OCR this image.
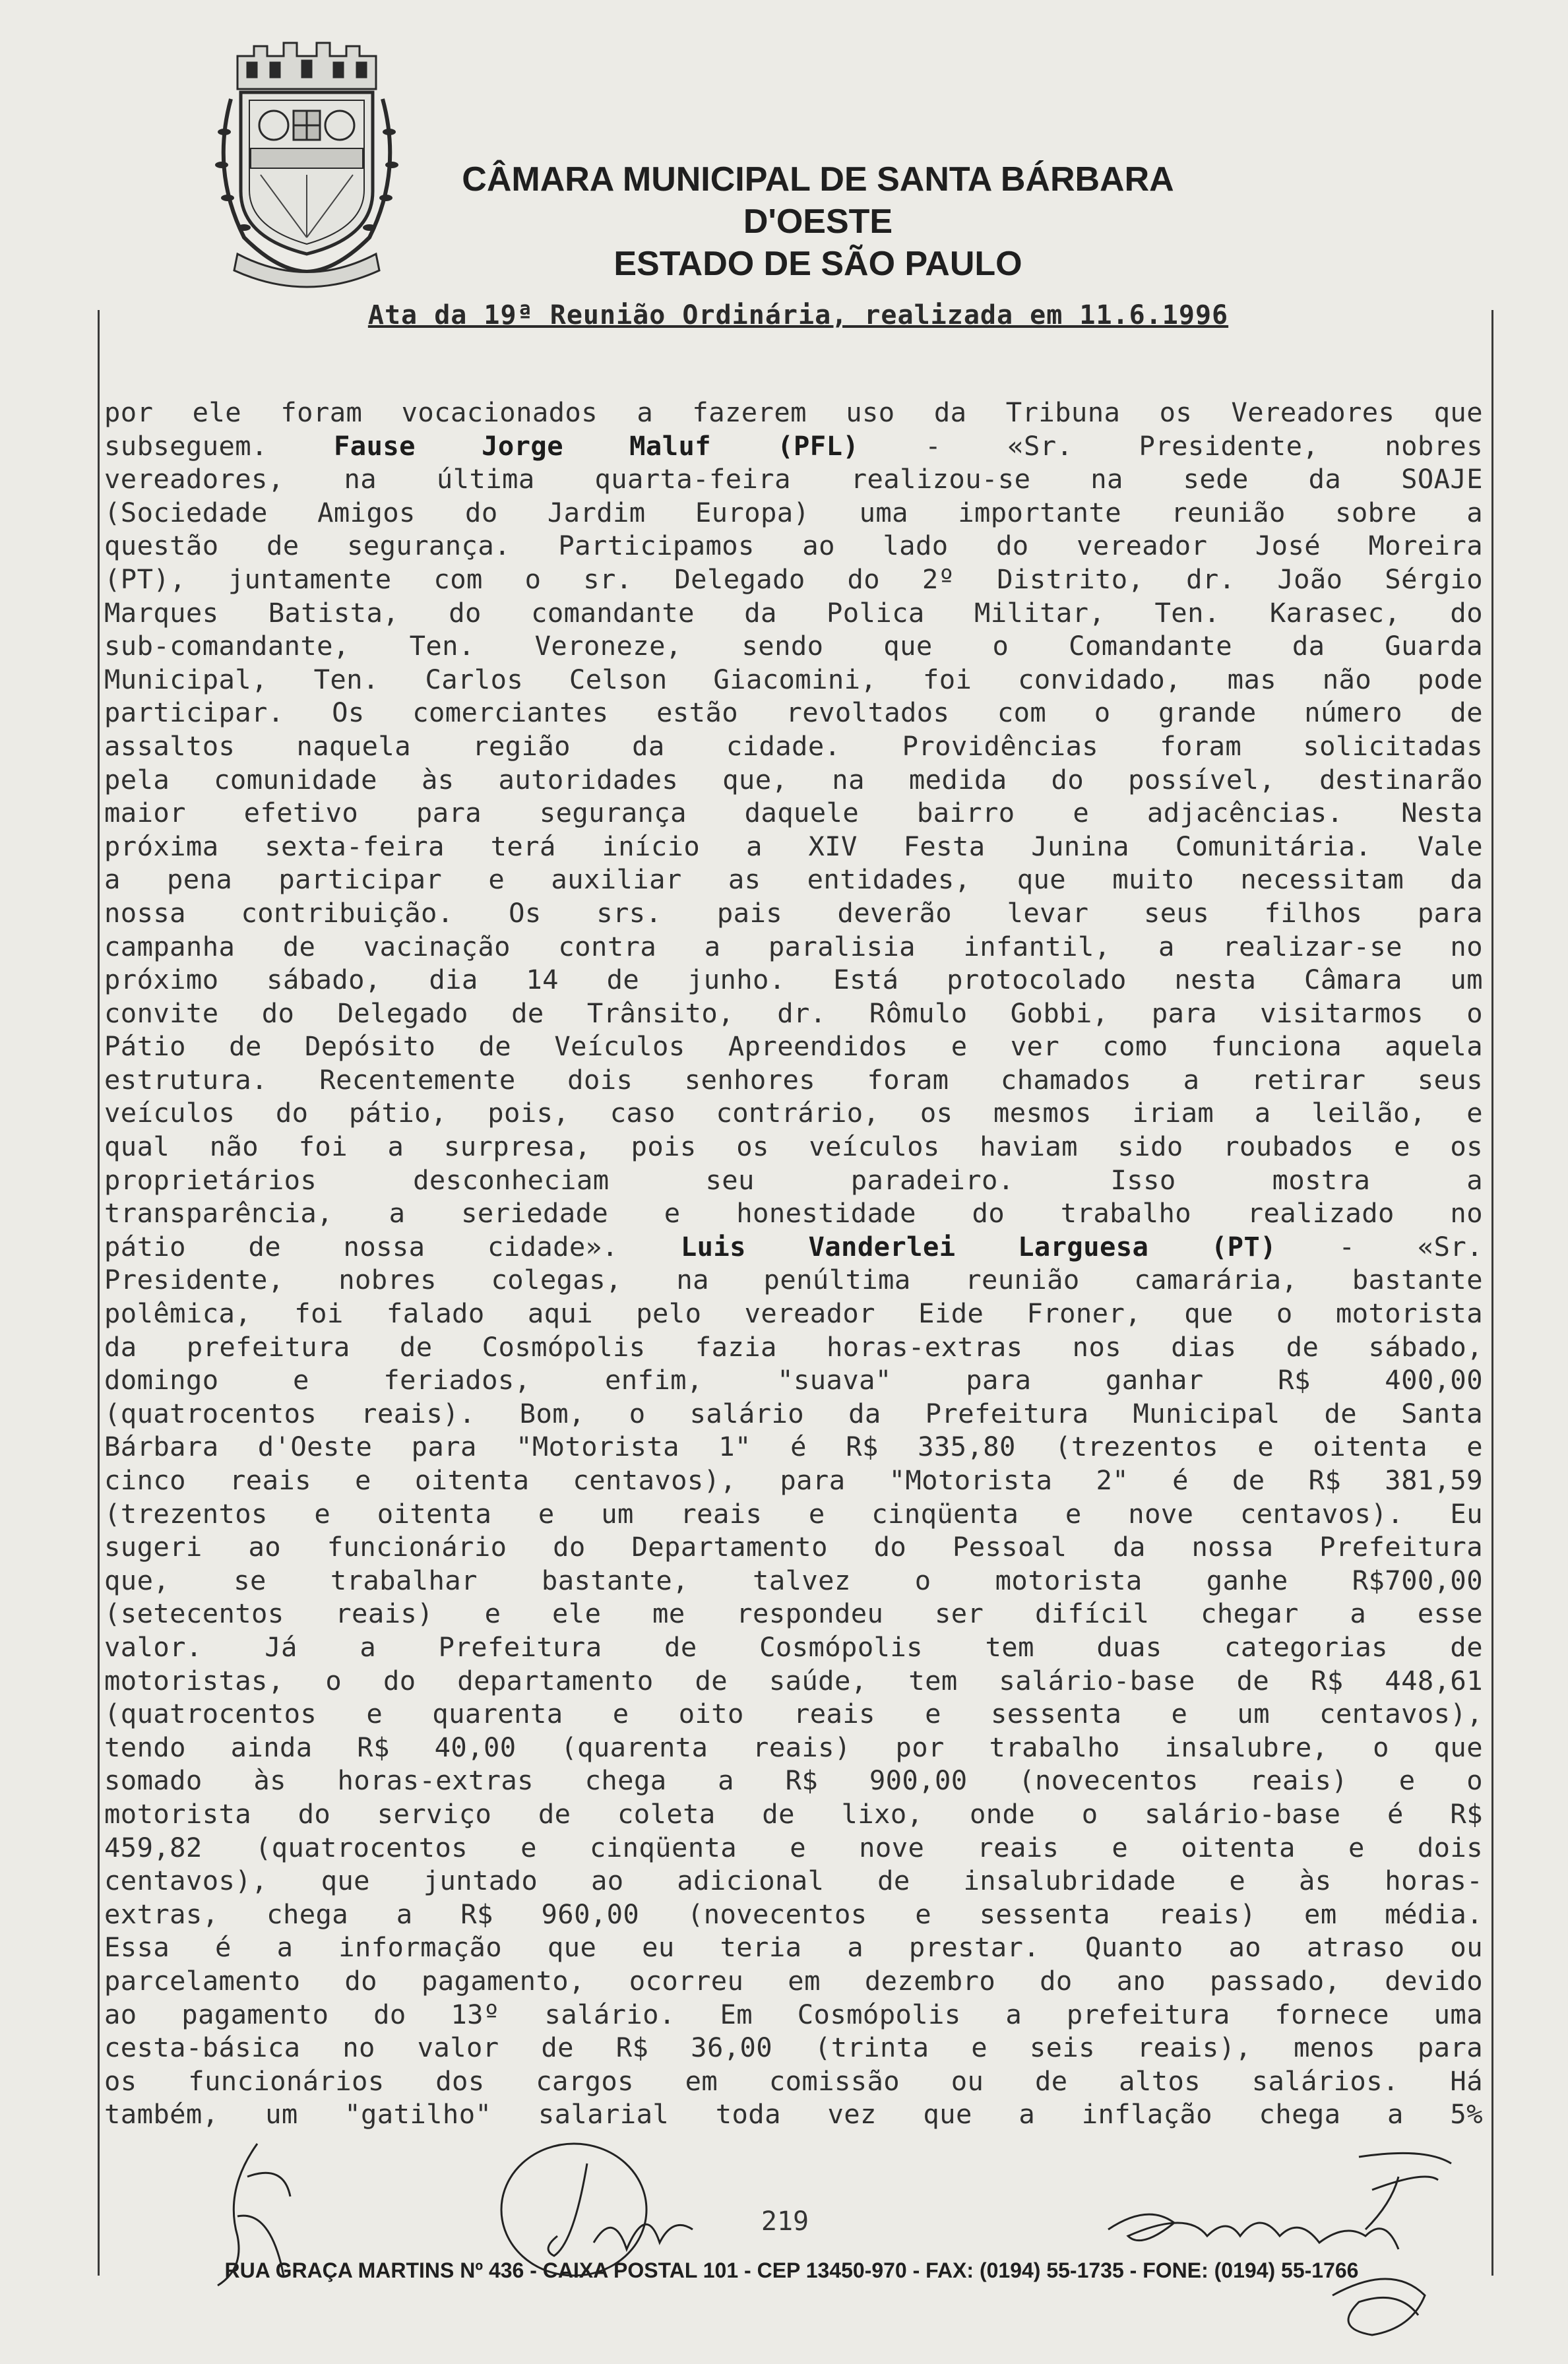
CÂMARA MUNICIPAL DE SANTA BÁRBARA D'OESTE
ESTADO DE SÃO PAULO
Ata da 19ª Reunião Ordinária, realizada em 11.6.1996
por ele foram vocacionados a fazerem uso da Tribuna os Vereadores que
subseguem. Fause Jorge Maluf (PFL) - «Sr. Presidente, nobres
vereadores, na última quarta-feira realizou-se na sede da SOAJE
(Sociedade Amigos do Jardim Europa) uma importante reunião sobre a
questão de segurança. Participamos ao lado do vereador José Moreira
(PT), juntamente com o sr. Delegado do 2º Distrito, dr. João Sérgio
Marques Batista, do comandante da Polica Militar, Ten. Karasec, do
sub-comandante, Ten. Veroneze, sendo que o Comandante da Guarda
Municipal, Ten. Carlos Celson Giacomini, foi convidado, mas não pode
participar. Os comerciantes estão revoltados com o grande número de
assaltos naquela região da cidade. Providências foram solicitadas
pela comunidade às autoridades que, na medida do possível, destinarão
maior efetivo para segurança daquele bairro e adjacências. Nesta
próxima sexta-feira terá início a XIV Festa Junina Comunitária. Vale
a pena participar e auxiliar as entidades, que muito necessitam da
nossa contribuição. Os srs. pais deverão levar seus filhos para
campanha de vacinação contra a paralisia infantil, a realizar-se no
próximo sábado, dia 14 de junho. Está protocolado nesta Câmara um
convite do Delegado de Trânsito, dr. Rômulo Gobbi, para visitarmos o
Pátio de Depósito de Veículos Apreendidos e ver como funciona aquela
estrutura. Recentemente dois senhores foram chamados a retirar seus
veículos do pátio, pois, caso contrário, os mesmos iriam a leilão, e
qual não foi a surpresa, pois os veículos haviam sido roubados e os
proprietários desconheciam seu paradeiro. Isso mostra a
transparência, a seriedade e honestidade do trabalho realizado no
pátio de nossa cidade». Luis Vanderlei Larguesa (PT) - «Sr.
Presidente, nobres colegas, na penúltima reunião camarária, bastante
polêmica, foi falado aqui pelo vereador Eide Froner, que o motorista
da prefeitura de Cosmópolis fazia horas-extras nos dias de sábado,
domingo e feriados, enfim, "suava" para ganhar R$ 400,00
(quatrocentos reais). Bom, o salário da Prefeitura Municipal de Santa
Bárbara d'Oeste para "Motorista 1" é R$ 335,80 (trezentos e oitenta e
cinco reais e oitenta centavos), para "Motorista 2" é de R$ 381,59
(trezentos e oitenta e um reais e cinqüenta e nove centavos). Eu
sugeri ao funcionário do Departamento do Pessoal da nossa Prefeitura
que, se trabalhar bastante, talvez o motorista ganhe R$700,00
(setecentos reais) e ele me respondeu ser difícil chegar a esse
valor. Já a Prefeitura de Cosmópolis tem duas categorias de
motoristas, o do departamento de saúde, tem salário-base de R$ 448,61
(quatrocentos e quarenta e oito reais e sessenta e um centavos),
tendo ainda R$ 40,00 (quarenta reais) por trabalho insalubre, o que
somado às horas-extras chega a R$ 900,00 (novecentos reais) e o
motorista do serviço de coleta de lixo, onde o salário-base é R$
459,82 (quatrocentos e cinqüenta e nove reais e oitenta e dois
centavos), que juntado ao adicional de insalubridade e às horas-
extras, chega a R$ 960,00 (novecentos e sessenta reais) em média.
Essa é a informação que eu teria a prestar. Quanto ao atraso ou
parcelamento do pagamento, ocorreu em dezembro do ano passado, devido
ao pagamento do 13º salário. Em Cosmópolis a prefeitura fornece uma
cesta-básica no valor de R$ 36,00 (trinta e seis reais), menos para
os funcionários dos cargos em comissão ou de altos salários. Há
também, um "gatilho" salarial toda vez que a inflação chega a 5%
219
RUA GRAÇA MARTINS Nº 436 - CAIXA POSTAL 101 - CEP 13450-970 - FAX: (0194) 55-1735 - FONE: (0194) 55-1766
